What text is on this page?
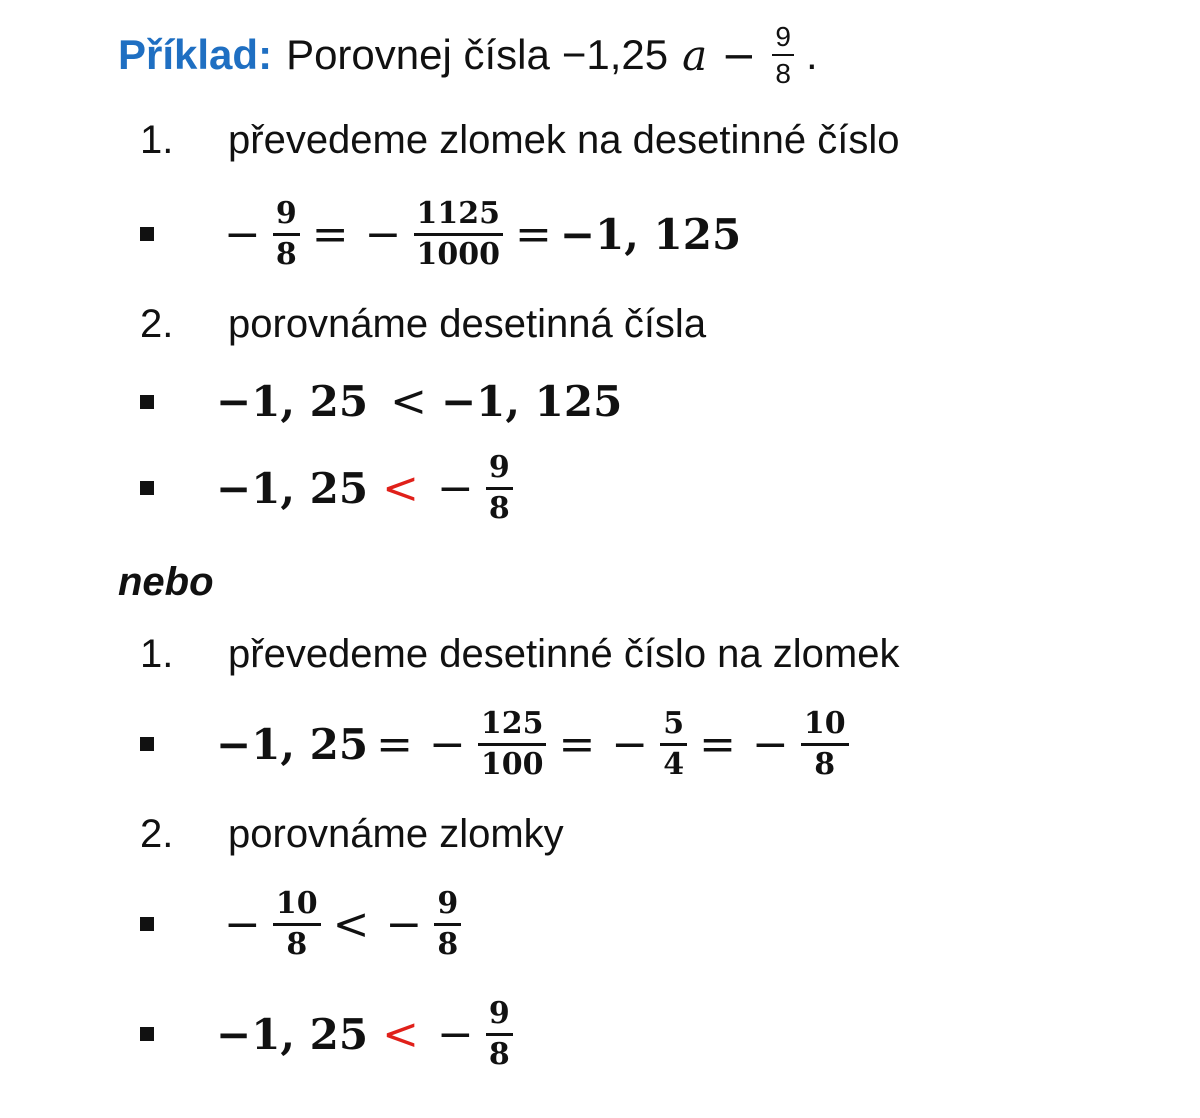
Příklad: Porovnej čísla −1,25 $a - \frac{9}{8}$ .
1.	převedeme zlomek na desetinné číslo
− $\frac{9}{8}$ = − $\frac{1125}{1000} = -1$, 125
2.	porovnáme desetinná čísla
−1, 25 < −1, 125
−1, 25 < − $\frac{9}{8}$
nebo
1.	převedeme desetinné číslo na zlomek
−1, 25 = − $\frac{125}{100}$ = − $\frac{5}{4}$ = − $\frac{10}{8}$
2.	porovnáme zlomky
− $\frac{10}{8}$ < − $\frac{9}{8}$
−1, 25 < − $\frac{9}{8}$
